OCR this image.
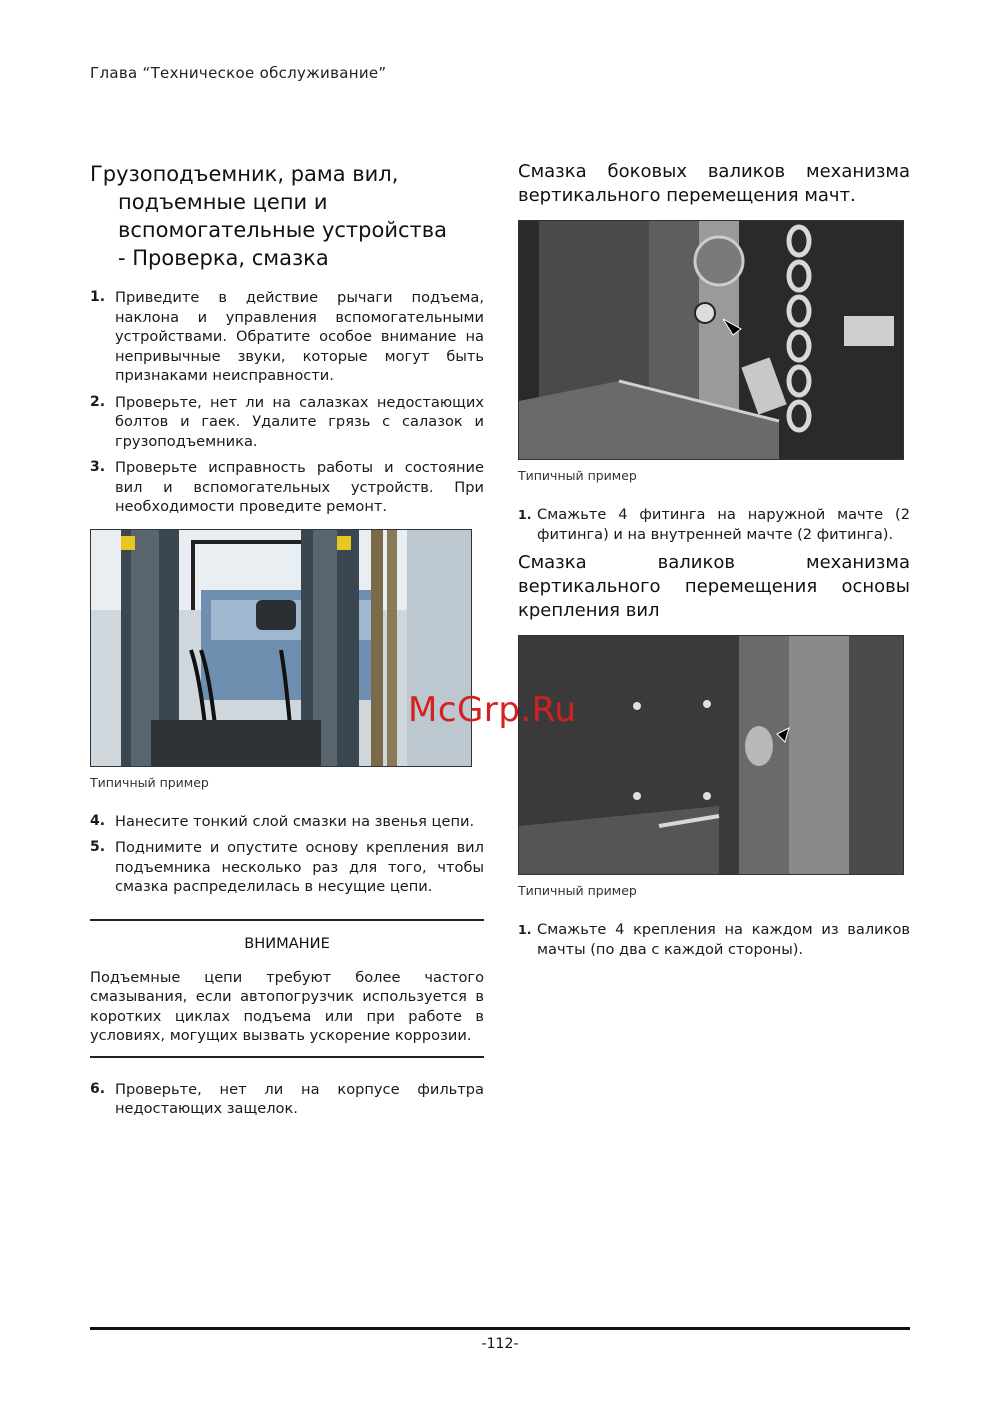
Глава “Техническое обслуживание”
Грузоподъемник, рама вил,
подъемные цепи и
вспомогательные устройства
- Проверка, смазка
1. Приведите в действие рычаги подъема, наклона и управления вспомогательными устройствами. Обратите особое внимание на непривычные звуки, которые могут быть признаками неисправности.
2. Проверьте, нет ли на салазках недостающих болтов и гаек. Удалите грязь с салазок и грузоподъемника.
3. Проверьте исправность работы и состояние вил и вспомогательных устройств. При необходимости проведите ремонт.
Типичный пример
4. Нанесите тонкий слой смазки на звенья цепи.
5. Поднимите и опустите основу крепления вил подъемника несколько раз для того, чтобы смазка распределилась в несущие цепи.
ВНИМАНИЕ
Подъемные цепи требуют более частого смазывания, если автопогрузчик используется в коротких циклах подъема или при работе в условиях, могущих вызвать ускорение коррозии.
6. Проверьте, нет ли на корпусе фильтра недостающих защелок.
Смазка боковых валиков механизма вертикального перемещения мачт.
Типичный пример
1. Смажьте 4 фитинга на наружной мачте (2 фитинга) и на внутренней мачте (2 фитинга).
Смазка валиков механизма вертикального перемещения основы крепления вил
Типичный пример
1. Смажьте 4 крепления на каждом из валиков мачты (по два с каждой стороны).
McGrp.Ru
-112-
